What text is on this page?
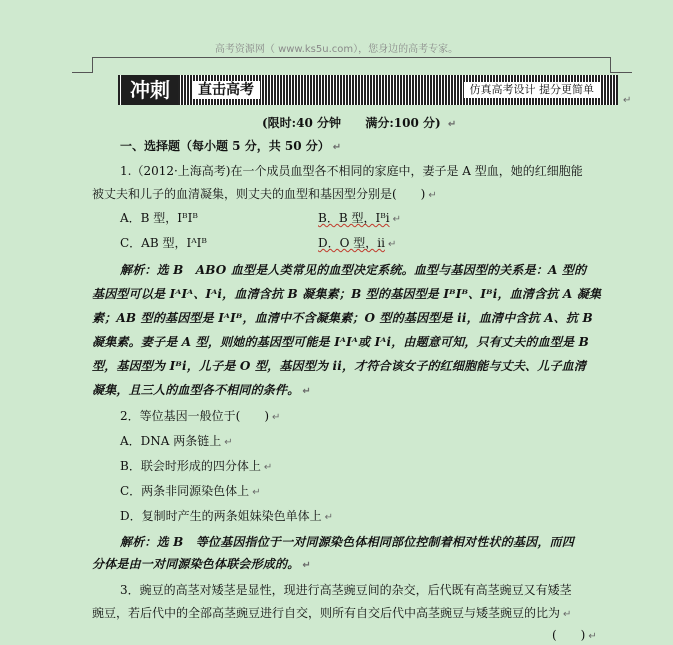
高考资源网（ www.ks5u.com），您身边的高考专家。
冲刺	直击高考	仿真高考设计 提分更简单
↵
(限时:40 分钟 满分:100 分) ↵
一、选择题（每小题 5 分，共 50 分） ↵
1.（2012·上海高考)在一个成员血型各不相同的家庭中，妻子是 A 型血，她的红细胞能
被丈夫和儿子的血清凝集，则丈夫的血型和基因型分别是(　　) ↵
A．B 型，IᴮIᴮ	B．B 型，Iᴮi ↵
C．AB 型，IᴬIᴮ	D．O 型，ii ↵
解析：选 B　ABO 血型是人类常见的血型决定系统。血型与基因型的关系是：A 型的
基因型可以是 IᴬIᴬ、Iᴬi，血清含抗 B 凝集素；B 型的基因型是 IᴮIᴮ、Iᴮi，血清含抗 A 凝集
素；AB 型的基因型是 IᴬIᴮ，血清中不含凝集素；O 型的基因型是 ii，血清中含抗 A、抗 B
凝集素。妻子是 A 型，则她的基因型可能是 IᴬIᴬ或 Iᴬi，由题意可知，只有丈夫的血型是 B
型，基因型为 Iᴮi，儿子是 O 型，基因型为 ii，才符合该女子的红细胞能与丈夫、儿子血清
凝集，且三人的血型各不相同的条件。 ↵
2．等位基因一般位于(　　) ↵
A．DNA 两条链上 ↵
B．联会时形成的四分体上 ↵
C．两条非同源染色体上 ↵
D．复制时产生的两条姐妹染色单体上 ↵
解析：选 B　等位基因指位于一对同源染色体相同部位控制着相对性状的基因，而四
分体是由一对同源染色体联会形成的。 ↵
3．豌豆的高茎对矮茎是显性，现进行高茎豌豆间的杂交，后代既有高茎豌豆又有矮茎
豌豆，若后代中的全部高茎豌豆进行自交，则所有自交后代中高茎豌豆与矮茎豌豆的比为 ↵
(　　) ↵
